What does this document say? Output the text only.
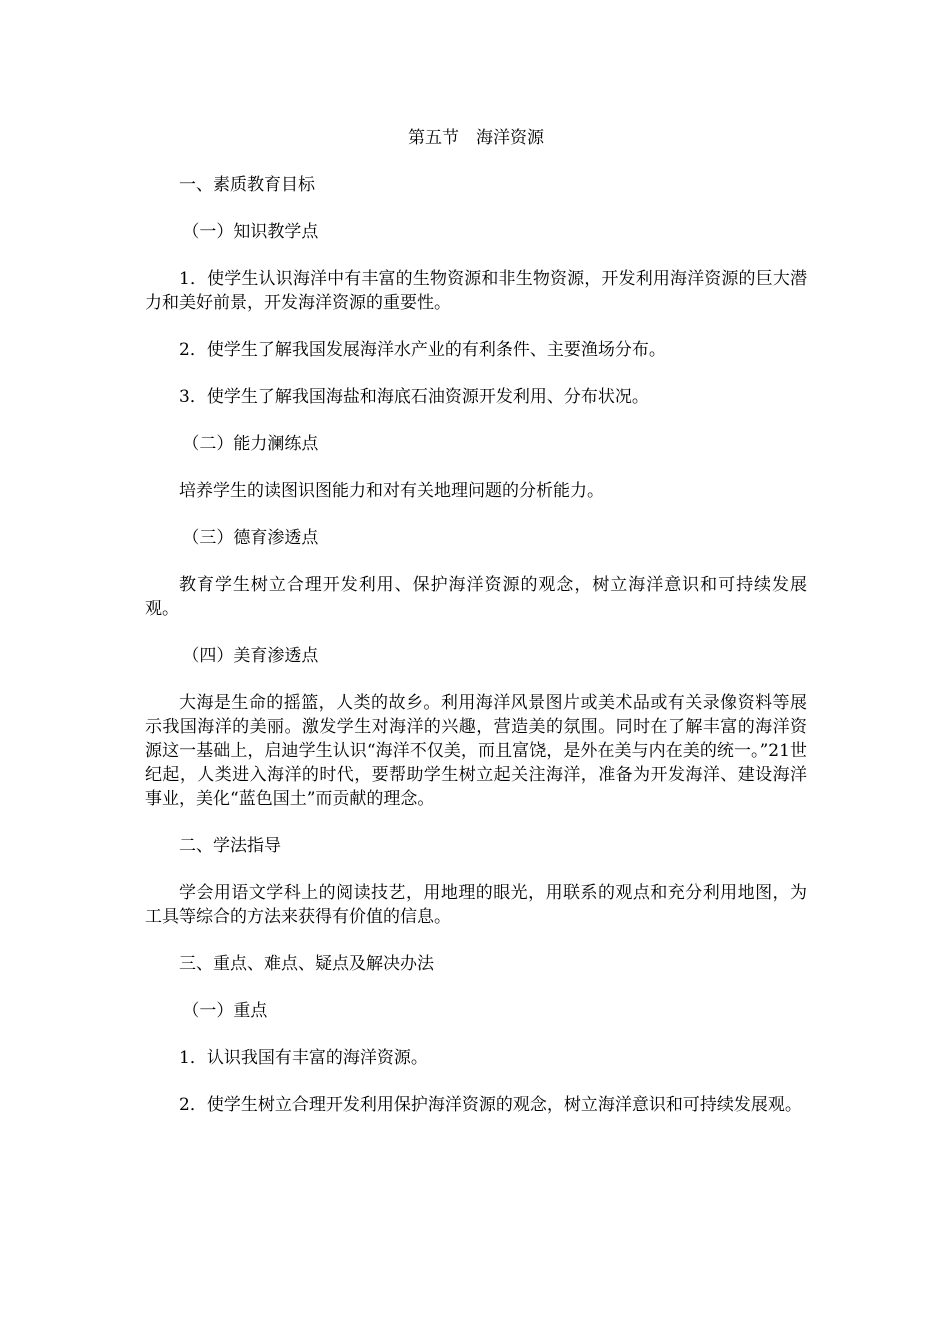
第五节　海洋资源

一、素质教育目标

（一）知识教学点

1．使学生认识海洋中有丰富的生物资源和非生物资源，开发利用海洋资源的巨大潜力和美好前景，开发海洋资源的重要性。

2．使学生了解我国发展海洋水产业的有利条件、主要渔场分布。

3．使学生了解我国海盐和海底石油资源开发利用、分布状况。

（二）能力澜练点

培养学生的读图识图能力和对有关地理问题的分析能力。

（三）德育渗透点

教育学生树立合理开发利用、保护海洋资源的观念，树立海洋意识和可持续发展观。

（四）美育渗透点

大海是生命的摇篮，人类的故乡。利用海洋风景图片或美术品或有关录像资料等展示我国海洋的美丽。激发学生对海洋的兴趣，营造美的氛围。同时在了解丰富的海洋资源这一基础上，启迪学生认识“海洋不仅美，而且富饶，是外在美与内在美的统一。”21世纪起，人类进入海洋的时代，要帮助学生树立起关注海洋，准备为开发海洋、建设海洋事业，美化“蓝色国土”而贡献的理念。

二、学法指导

学会用语文学科上的阅读技艺，用地理的眼光，用联系的观点和充分利用地图，为工具等综合的方法来获得有价值的信息。

三、重点、难点、疑点及解决办法

（一）重点

1．认识我国有丰富的海洋资源。

2．使学生树立合理开发利用保护海洋资源的观念，树立海洋意识和可持续发展观。
